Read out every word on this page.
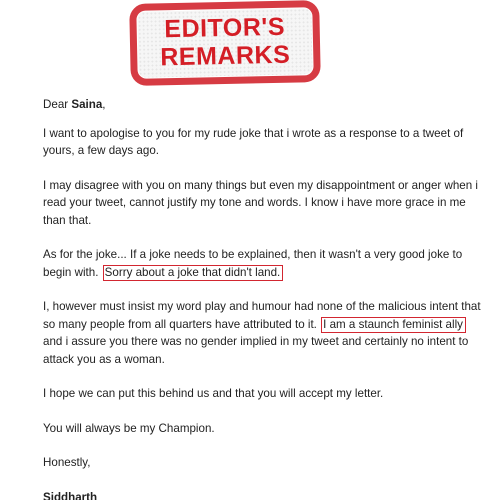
EDITOR'S
REMARKS

Dear Saina,

I want to apologise to you for my rude joke that i wrote as a response to a tweet of yours, a few days ago.

I may disagree with you on many things but even my disappointment or anger when i read your tweet, cannot justify my tone and words. I know i have more grace in me than that.

As for the joke... If a joke needs to be explained, then it wasn't a very good joke to begin with. Sorry about a joke that didn't land.

I, however must insist my word play and humour had none of the malicious intent that so many people from all quarters have attributed to it. I am a staunch feminist ally and i assure you there was no gender implied in my tweet and certainly no intent to attack you as a woman.

I hope we can put this behind us and that you will accept my letter.

You will always be my Champion.

Honestly,

Siddharth
